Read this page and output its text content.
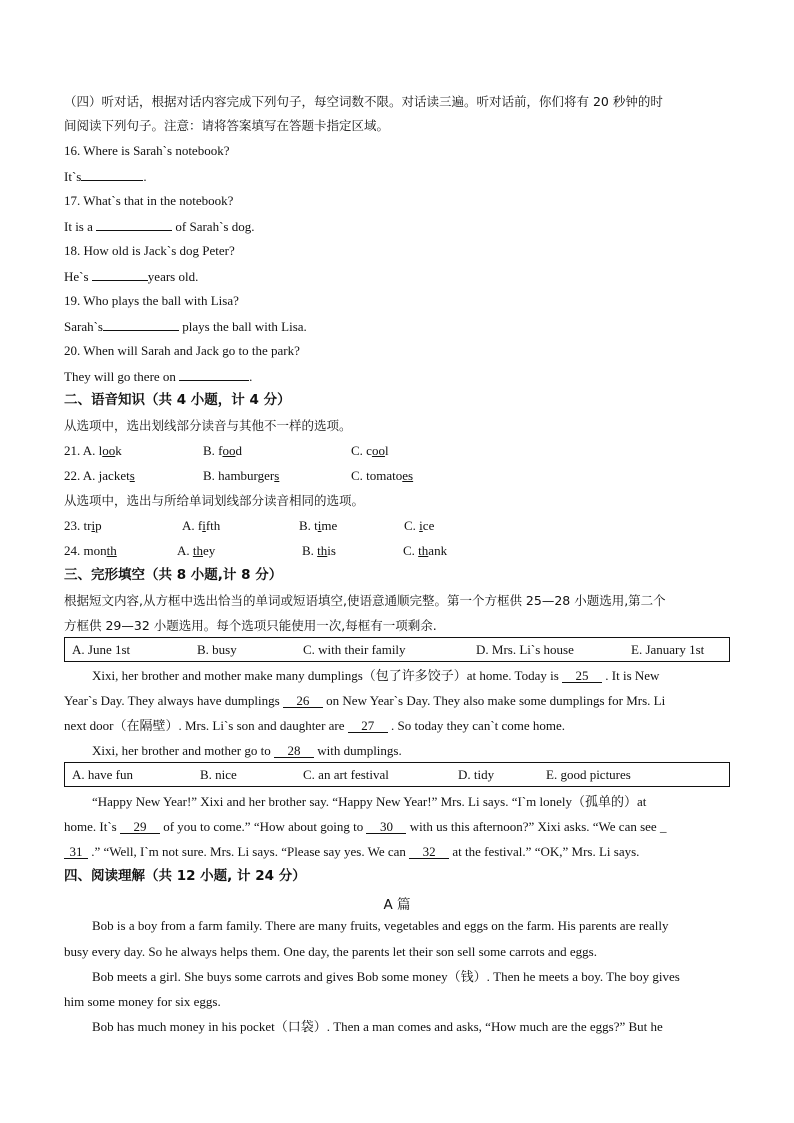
（四）听对话，根据对话内容完成下列句子，每空词数不限。对话读三遍。听对话前，你们将有 20 秒钟的时
间阅读下列句子。注意：请将答案填写在答题卡指定区域。
16. Where is Sarah`s notebook?
It`s	.
17. What`s that in the notebook?
It is a	of Sarah`s dog.
18. How old is Jack`s dog Peter?
He`s	years old.
19. Who plays the ball with Lisa?
Sarah`s	plays the ball with Lisa.
20. When will Sarah and Jack go to the park?
They will go there on	.
二、语音知识（共 4 小题，计 4 分）
从选项中，选出划线部分读音与其他不一样的选项。
21. A. look	B. food	C. cool
22. A. jackets	B. hamburgers	C. tomatoes
从选项中，选出与所给单词划线部分读音相同的选项。
23. trip	A. fifth	B. time	C. ice
24. month	A. they	B. this	C. thank
三、完形填空（共 8 小题,计 8 分）
根据短文内容,从方框中选出恰当的单词或短语填空,使语意通顺完整。第一个方框供 25—28 小题选用,第二个
方框供 29—32 小题选用。每个选项只能使用一次,每框有一项剩余.
A. June 1st	B. busy	C. with their family	D. Mrs. Li`s house	E. January 1st
Xixi, her brother and mother make many dumplings（包了许多饺子）at home. Today is 25 . It is New
Year`s Day. They always have dumplings 26 on New Year`s Day. They also make some dumplings for Mrs. Li
next door（在隔壁）. Mrs. Li`s son and daughter are 27 . So today they can`t come home.
Xixi, her brother and mother go to 28 with dumplings.
A. have fun	B. nice	C. an art festival	D. tidy	E. good pictures
“Happy New Year!” Xixi and her brother say. “Happy New Year!” Mrs. Li says. “I`m lonely（孤单的）at
home. It`s 29 of you to come.” “How about going to 30 with us this afternoon?” Xixi asks. “We can see _
31 .” “Well, I`m not sure. Mrs. Li says. “Please say yes. We can 32 at the festival.” “OK,” Mrs. Li says.
四、阅读理解（共 12 小题, 计 24 分）
A 篇
Bob is a boy from a farm family. There are many fruits, vegetables and eggs on the farm. His parents are really
busy every day. So he always helps them. One day, the parents let their son sell some carrots and eggs.
Bob meets a girl. She buys some carrots and gives Bob some money（钱）. Then he meets a boy. The boy gives
him some money for six eggs.
Bob has much money in his pocket（口袋）. Then a man comes and asks, “How much are the eggs?” But he
